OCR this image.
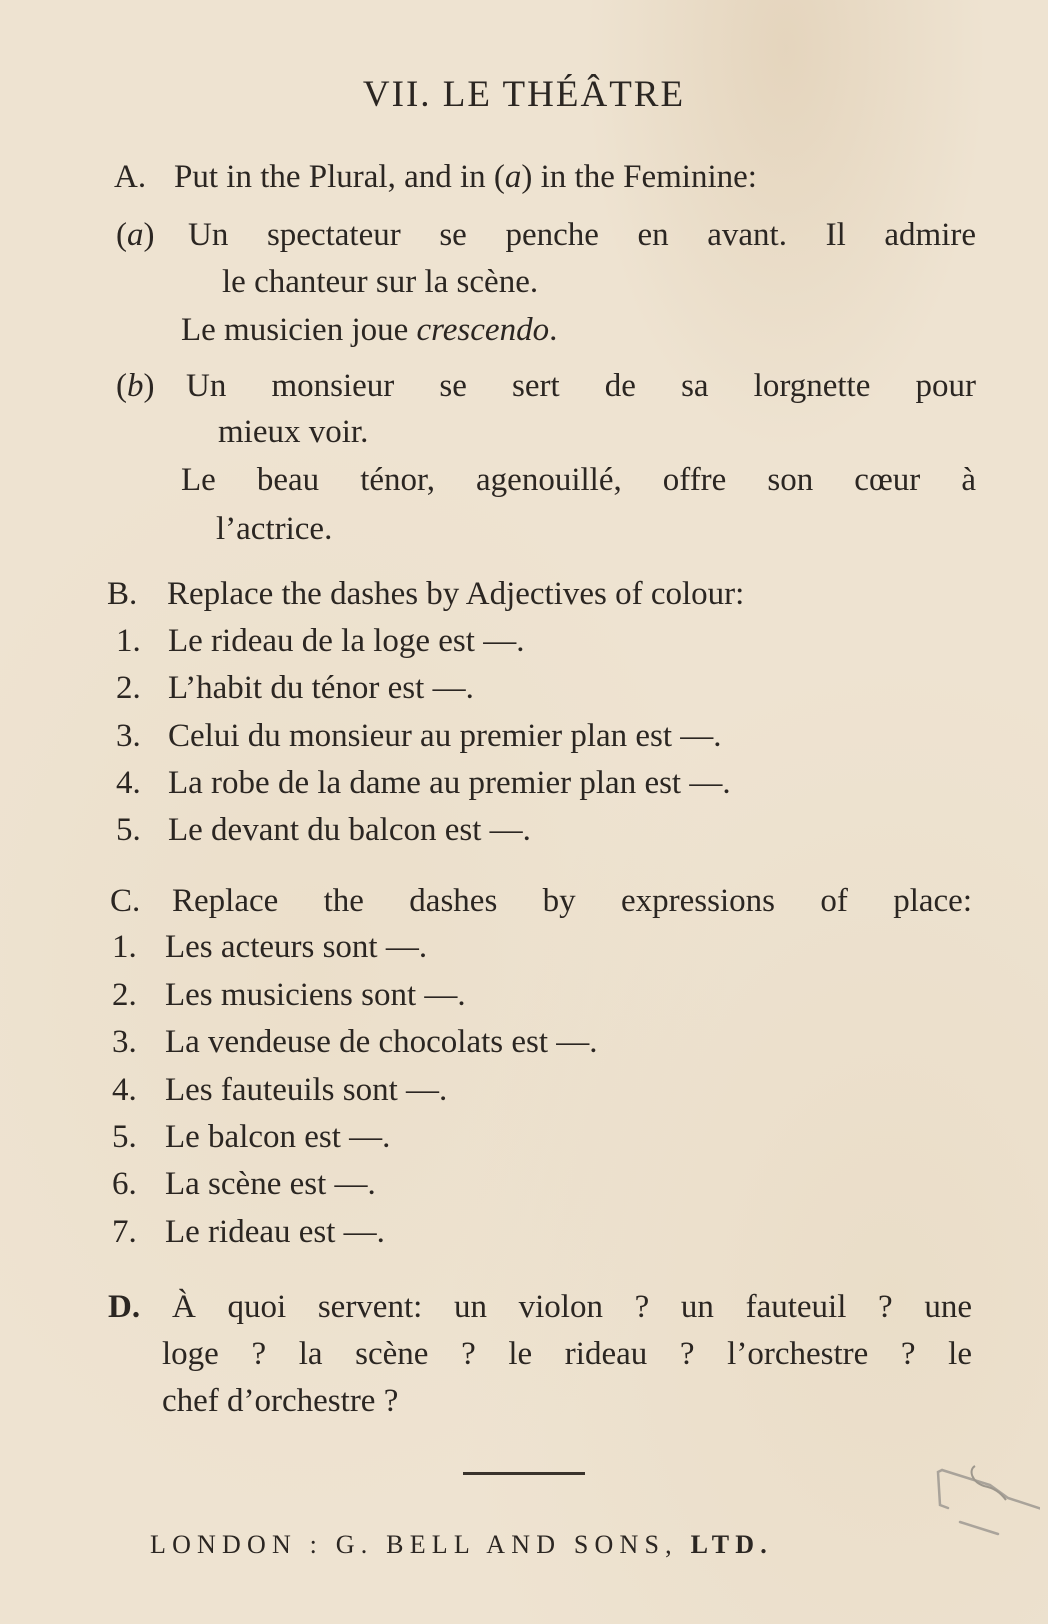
VII. LE THÉÂTRE
A. Put in the Plural, and in (a) in the Feminine:
(a) Un spectateur se penche en avant. Il admire
le chanteur sur la scène.
Le musicien joue crescendo.
(b) Un monsieur se sert de sa lorgnette pour
mieux voir.
Le beau ténor, agenouillé, offre son cœur à
l’actrice.
B. Replace the dashes by Adjectives of colour:
1. Le rideau de la loge est —.
2. L’habit du ténor est —.
3. Celui du monsieur au premier plan est —.
4. La robe de la dame au premier plan est —.
5. Le devant du balcon est —.
C. Replace the dashes by expressions of place:
1. Les acteurs sont —.
2. Les musiciens sont —.
3. La vendeuse de chocolats est —.
4. Les fauteuils sont —.
5. Le balcon est —.
6. La scène est —.
7. Le rideau est —.
D. À quoi servent: un violon ? un fauteuil ? une
loge ? la scène ? le rideau ? l’orchestre ? le
chef d’orchestre ?
LONDON : G. BELL AND SONS, LTD.
